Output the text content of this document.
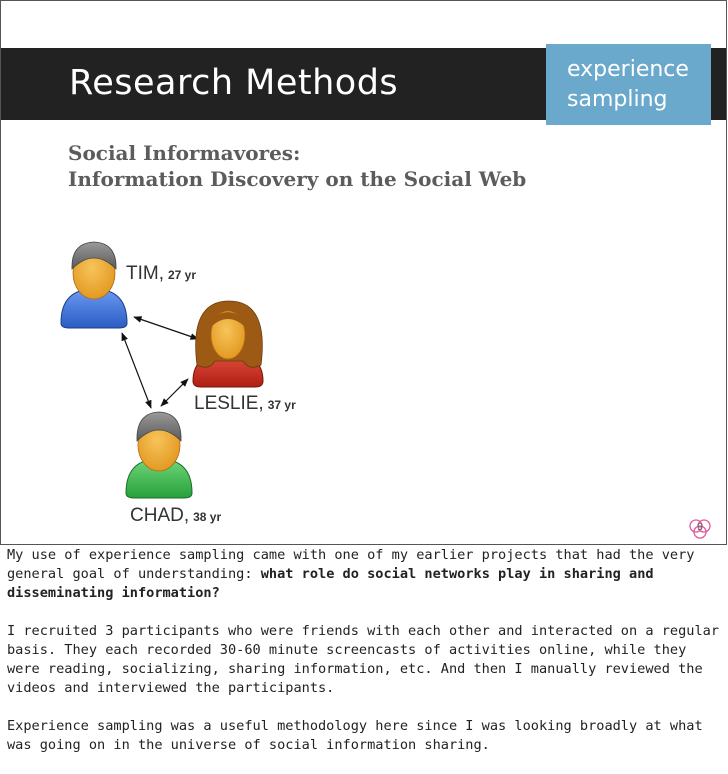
Research Methods	experience
sampling
Social Informavores:
Information Discovery on the Social Web
TIM, 27 yr
LESLIE, 37 yr
CHAD, 38 yr
9

My use of experience sampling came with one of my earlier projects that had the very general goal of understanding: what role do social networks play in sharing and disseminating information?

I recruited 3 participants who were friends with each other and interacted on a regular basis. They each recorded 30-60 minute screencasts of activities online, while they were reading, socializing, sharing information, etc. And then I manually reviewed the videos and interviewed the participants.

Experience sampling was a useful methodology here since I was looking broadly at what was going on in the universe of social information sharing.
